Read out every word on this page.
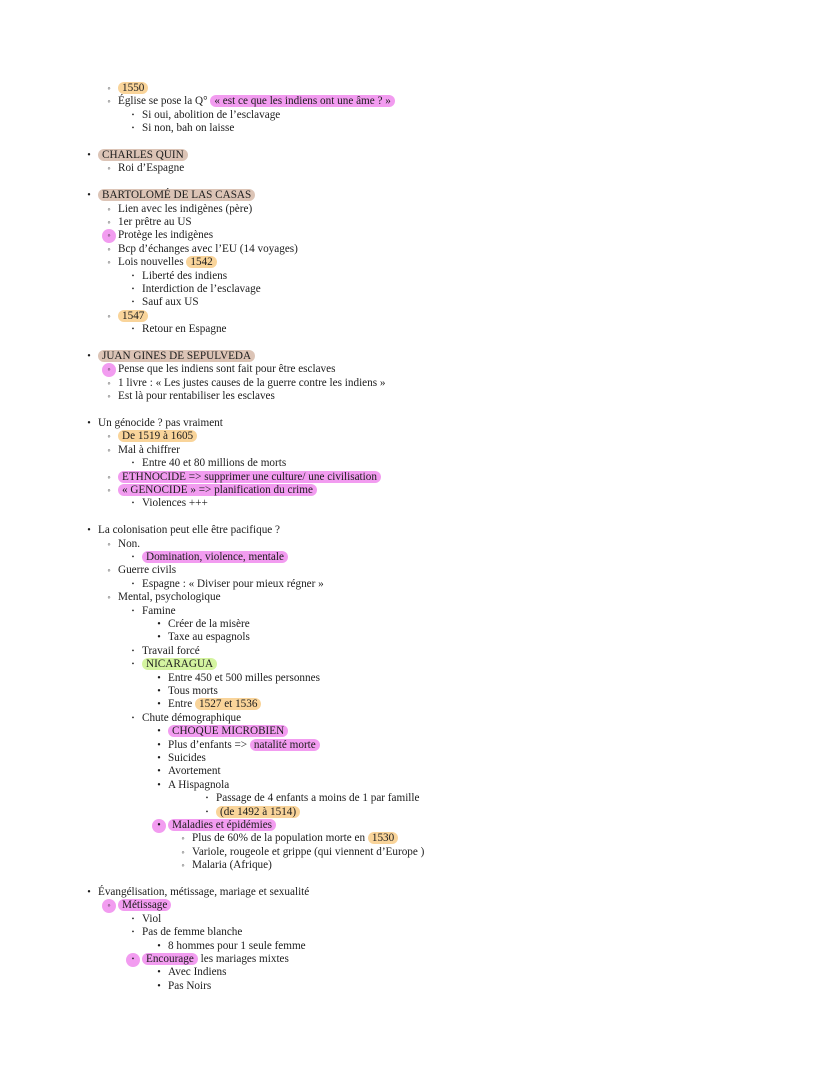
◦ 1550
◦ Église se pose la Q° « est ce que les indiens ont une âme ? »
• Si oui, abolition de l’esclavage
• Si non, bah on laisse
• CHARLES QUIN
◦ Roi d’Espagne
• BARTOLOMÉ DE LAS CASAS
◦ Lien avec les indigènes (père)
◦ 1er prêtre au US
◦ Protège les indigènes
◦ Bcp d’échanges avec l’EU (14 voyages)
◦ Lois nouvelles 1542
• Liberté des indiens
• Interdiction de l’esclavage
• Sauf aux US
◦ 1547
• Retour en Espagne
• JUAN GINES DE SEPULVEDA
◦ Pense que les indiens sont fait pour être esclaves
◦ 1 livre : « Les justes causes de la guerre contre les indiens »
◦ Est là pour rentabiliser les esclaves
• Un génocide ? pas vraiment
◦ De 1519 à 1605
◦ Mal à chiffrer
• Entre 40 et 80 millions de morts
◦ ETHNOCIDE => supprimer une culture/ une civilisation
◦ « GENOCIDE » => planification du crime
• Violences +++
• La colonisation peut elle être pacifique ?
◦ Non.
• Domination, violence, mentale
◦ Guerre civils
• Espagne : « Diviser pour mieux régner »
◦ Mental, psychologique
• Famine
• Créer de la misère
• Taxe au espagnols
• Travail forcé
• NICARAGUA
• Entre 450 et 500 milles personnes
• Tous morts
• Entre 1527 et 1536
• Chute démographique
• CHOQUE MICROBIEN
• Plus d’enfants => natalité morte
• Suicides
• Avortement
• A Hispagnola
• Passage de 4 enfants a moins de 1 par famille
• (de 1492 à 1514)
• Maladies et épidémies
◦ Plus de 60% de la population morte en 1530
◦ Variole, rougeole et grippe (qui viennent d’Europe )
◦ Malaria (Afrique)
• Évangélisation, métissage, mariage et sexualité
◦ Métissage
• Viol
• Pas de femme blanche
• 8 hommes pour 1 seule femme
• Encourage les mariages mixtes
• Avec Indiens
• Pas Noirs
